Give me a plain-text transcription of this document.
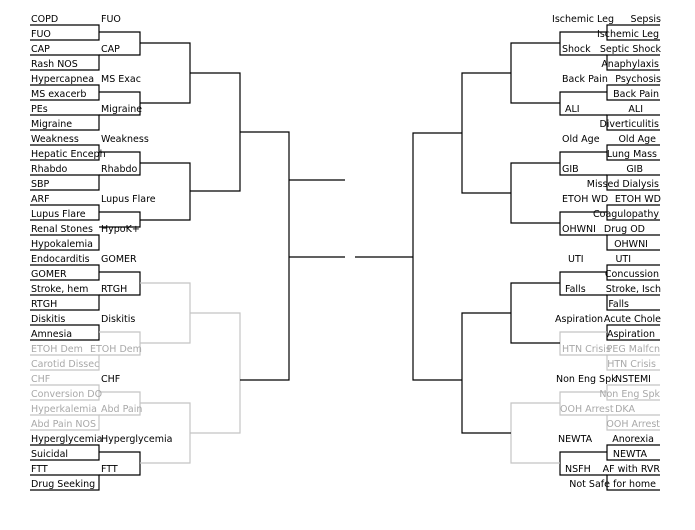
COPD
FUO
CAP
Rash NOS
Hypercapnea
MS exacerb
PEs
Migraine
Weakness
Hepatic Enceph
Rhabdo
SBP
ARF
Lupus Flare
Renal Stones
Hypokalemia
Endocarditis
GOMER
Stroke, hem
RTGH
Diskitis
Amnesia
ETOH Dem
Carotid Dissec
CHF
Conversion DO
Hyperkalemia
Abd Pain NOS
Hyperglycemia
Suicidal
FTT
Drug Seeking
FUO
CAP
MS Exac
Migraine
Weakness
Rhabdo
Lupus Flare
HypoK+
GOMER
RTGH
Diskitis
ETOH Dem
CHF
Abd Pain
Hyperglycemia
FTT
Ischemic Leg Sepsis
Ischemic Leg
Septic Shock
Anaphylaxis
Psychosis
Back Pain
ALI
Diverticulitis
Old Age
Lung Mass
GIB
Missed Dialysis
ETOH WD
Coagulopathy
Drug OD
OHWNI
UTI
Concussion
Stroke, Isch
Falls
Acute Chole
Aspiration
PEG Malfcn
HTN Crisis
NSTEMI
Non Eng Spk
DKA
OOH Arrest
Anorexia
NEWTA
AF with RVR
Not Safe for home
Shock
Back Pain
ALI
Old Age
GIB
ETOH WD
OHWNI
UTI
Falls
Aspiration
HTN Crisis
Non Eng Spk
OOH Arrest
NEWTA
NSFH
